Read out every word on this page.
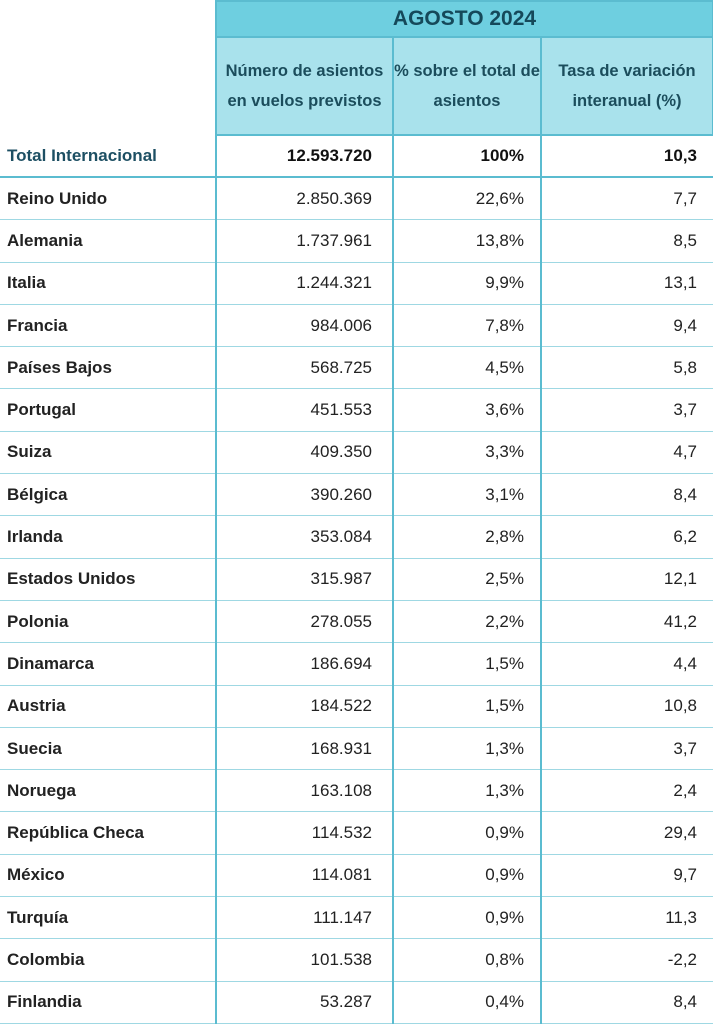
	AGOSTO 2024		
	Número de asientos en vuelos previstos	% sobre el total de asientos	Tasa de variación interanual (%)
Total Internacional	12.593.720	100%	10,3
Reino Unido	2.850.369	22,6%	7,7
Alemania	1.737.961	13,8%	8,5
Italia	1.244.321	9,9%	13,1
Francia	984.006	7,8%	9,4
Países Bajos	568.725	4,5%	5,8
Portugal	451.553	3,6%	3,7
Suiza	409.350	3,3%	4,7
Bélgica	390.260	3,1%	8,4
Irlanda	353.084	2,8%	6,2
Estados Unidos	315.987	2,5%	12,1
Polonia	278.055	2,2%	41,2
Dinamarca	186.694	1,5%	4,4
Austria	184.522	1,5%	10,8
Suecia	168.931	1,3%	3,7
Noruega	163.108	1,3%	2,4
República Checa	114.532	0,9%	29,4
México	114.081	0,9%	9,7
Turquía	111.147	0,9%	11,3
Colombia	101.538	0,8%	-2,2
Finlandia	53.287	0,4%	8,4
